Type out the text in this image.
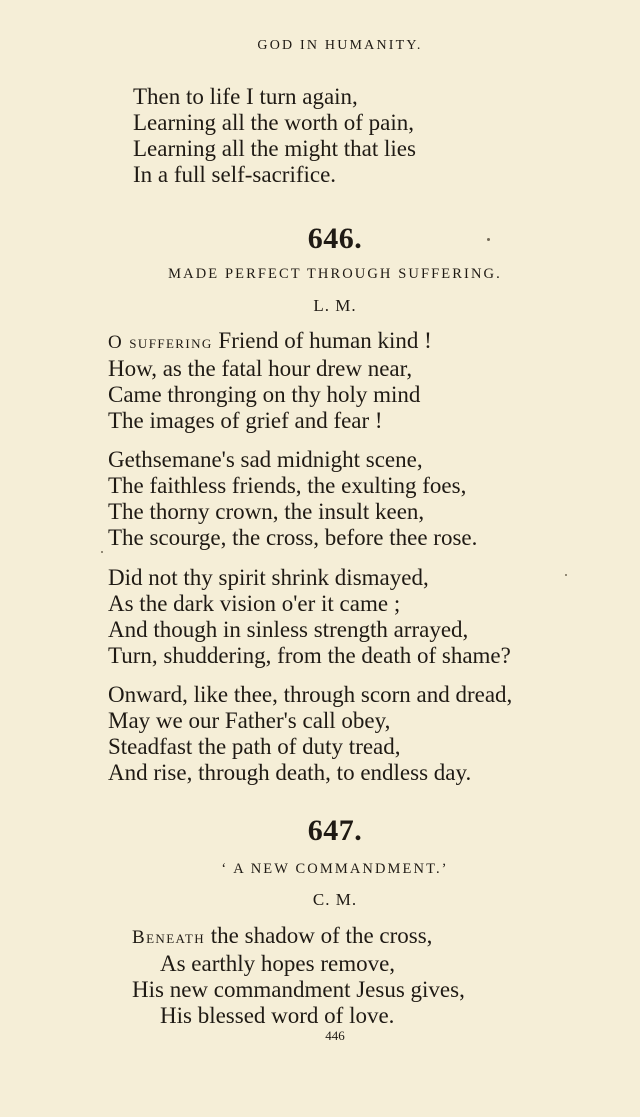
GOD IN HUMANITY.
Then to life I turn again,
Learning all the worth of pain,
Learning all the might that lies
In a full self-sacrifice.
646.
MADE PERFECT THROUGH SUFFERING.
L. M.
O suffering Friend of human kind !
How, as the fatal hour drew near,
Came thronging on thy holy mind
The images of grief and fear !
Gethsemane's sad midnight scene,
The faithless friends, the exulting foes,
The thorny crown, the insult keen,
The scourge, the cross, before thee rose.
Did not thy spirit shrink dismayed,
As the dark vision o'er it came ;
And though in sinless strength arrayed,
Turn, shuddering, from the death of shame?
Onward, like thee, through scorn and dread,
May we our Father's call obey,
Steadfast the path of duty tread,
And rise, through death, to endless day.
647.
‘ A NEW COMMANDMENT.’
C. M.
Beneath the shadow of the cross,
As earthly hopes remove,
His new commandment Jesus gives,
His blessed word of love.
446
